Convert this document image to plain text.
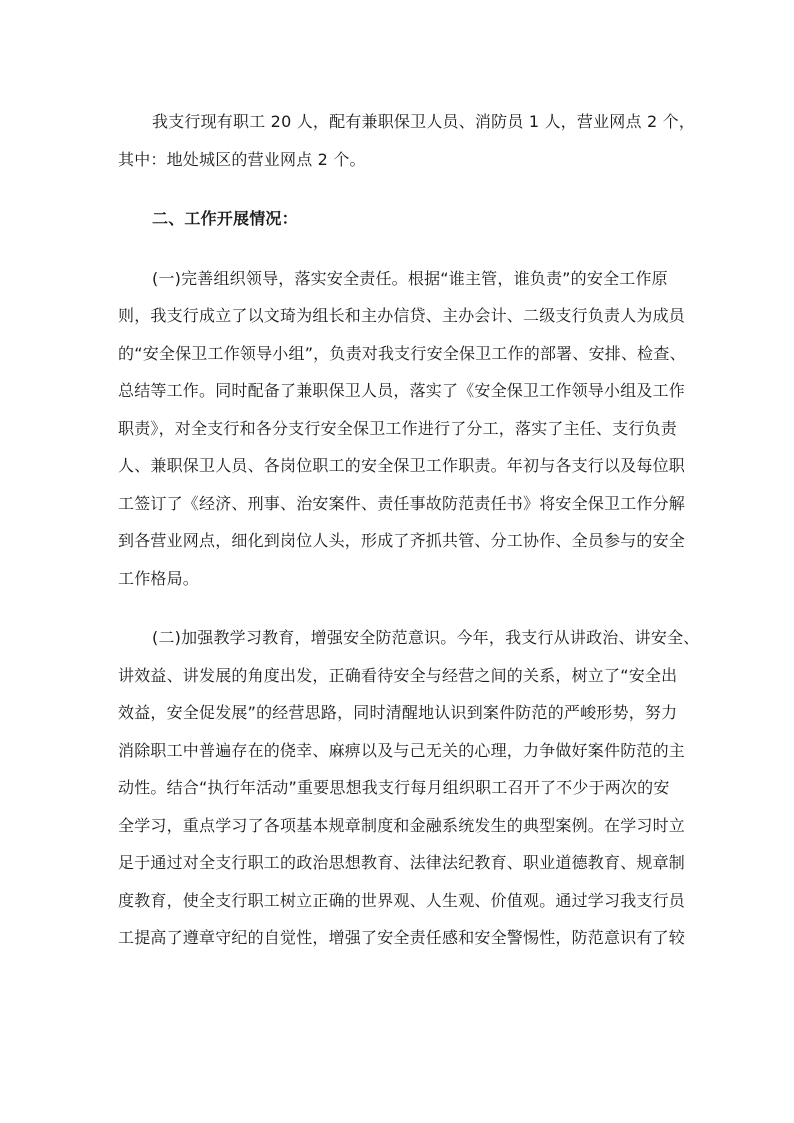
我支行现有职工 20 人，配有兼职保卫人员、消防员 1 人，营业网点 2 个，
其中：地处城区的营业网点 2 个。
二、工作开展情况：
(一)完善组织领导，落实安全责任。根据“谁主管，谁负责”的安全工作原
则，我支行成立了以文琦为组长和主办信贷、主办会计、二级支行负责人为成员
的“安全保卫工作领导小组”，负责对我支行安全保卫工作的部署、安排、检查、
总结等工作。同时配备了兼职保卫人员，落实了《安全保卫工作领导小组及工作
职责》，对全支行和各分支行安全保卫工作进行了分工，落实了主任、支行负责
人、兼职保卫人员、各岗位职工的安全保卫工作职责。年初与各支行以及每位职
工签订了《经济、刑事、治安案件、责任事故防范责任书》将安全保卫工作分解
到各营业网点，细化到岗位人头，形成了齐抓共管、分工协作、全员参与的安全
工作格局。
(二)加强教学习教育，增强安全防范意识。今年，我支行从讲政治、讲安全、
讲效益、讲发展的角度出发，正确看待安全与经营之间的关系，树立了“安全出
效益，安全促发展”的经营思路，同时清醒地认识到案件防范的严峻形势，努力
消除职工中普遍存在的侥幸、麻痹以及与己无关的心理，力争做好案件防范的主
动性。结合“执行年活动”重要思想我支行每月组织职工召开了不少于两次的安
全学习，重点学习了各项基本规章制度和金融系统发生的典型案例。在学习时立
足于通过对全支行职工的政治思想教育、法律法纪教育、职业道德教育、规章制
度教育，使全支行职工树立正确的世界观、人生观、价值观。通过学习我支行员
工提高了遵章守纪的自觉性，增强了安全责任感和安全警惕性，防范意识有了较
